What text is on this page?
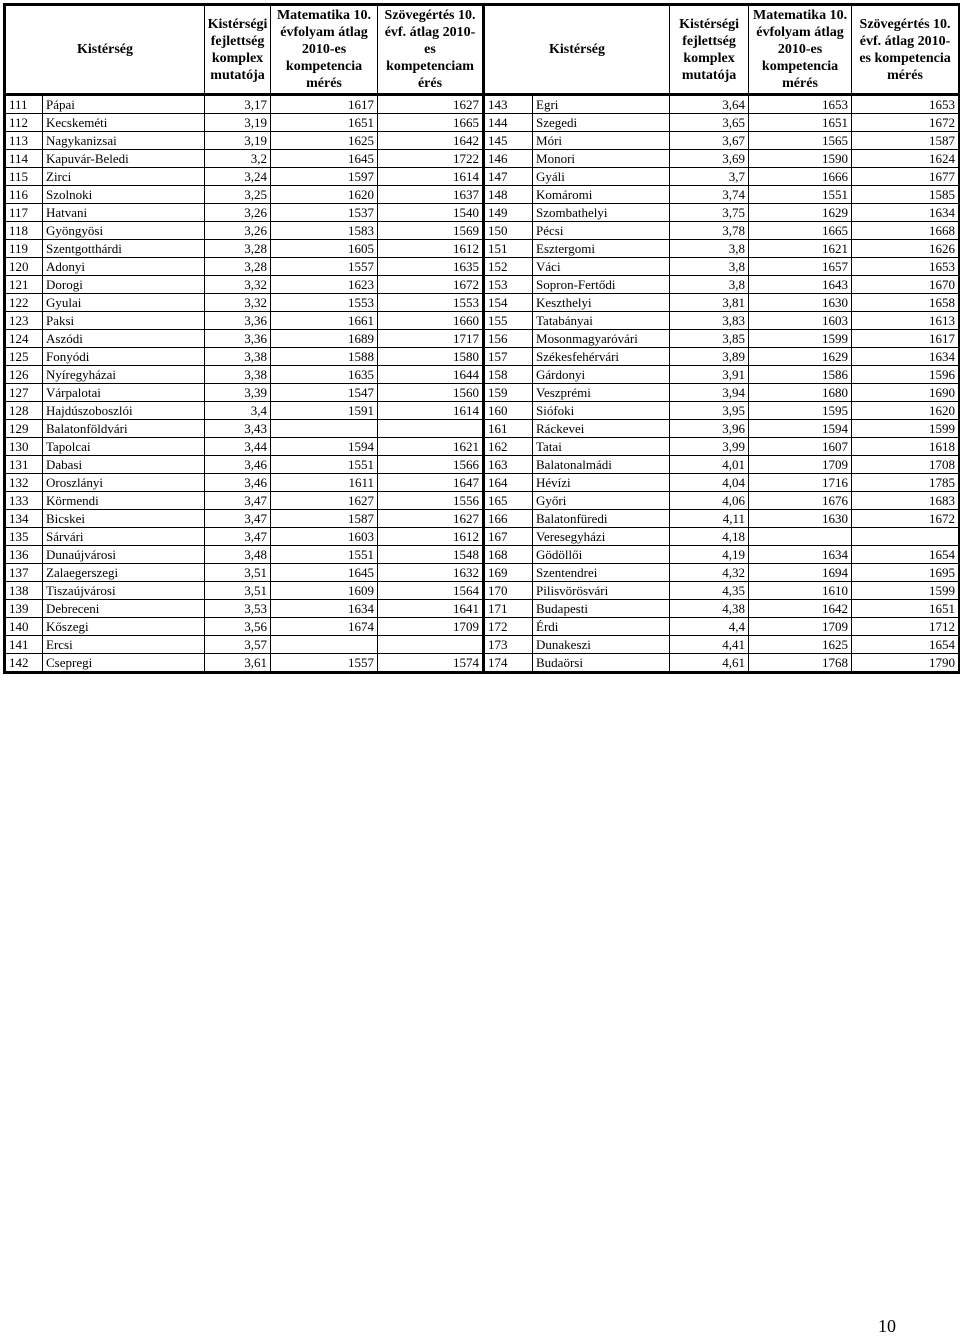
Kistérség		Kistérségi fejlettség komplex mutatója	Matematika 10. évfolyam átlag 2010-es kompetencia mérés	Szövegértés 10. évf. átlag 2010-es kompetenciam érés	Kistérség		Kistérségi fejlettség komplex mutatója	Matematika 10. évfolyam átlag 2010-es kompetencia mérés	Szövegértés 10. évf. átlag 2010-es kompetencia mérés
111	Pápai	3,17	1617	1627	143	Egri	3,64	1653	1653
112	Kecskeméti	3,19	1651	1665	144	Szegedi	3,65	1651	1672
113	Nagykanizsai	3,19	1625	1642	145	Móri	3,67	1565	1587
114	Kapuvár-Beledi	3,2	1645	1722	146	Monori	3,69	1590	1624
115	Zirci	3,24	1597	1614	147	Gyáli	3,7	1666	1677
116	Szolnoki	3,25	1620	1637	148	Komáromi	3,74	1551	1585
117	Hatvani	3,26	1537	1540	149	Szombathelyi	3,75	1629	1634
118	Gyöngyösi	3,26	1583	1569	150	Pécsi	3,78	1665	1668
119	Szentgotthárdi	3,28	1605	1612	151	Esztergomi	3,8	1621	1626
120	Adonyi	3,28	1557	1635	152	Váci	3,8	1657	1653
121	Dorogi	3,32	1623	1672	153	Sopron-Fertődi	3,8	1643	1670
122	Gyulai	3,32	1553	1553	154	Keszthelyi	3,81	1630	1658
123	Paksi	3,36	1661	1660	155	Tatabányai	3,83	1603	1613
124	Aszódi	3,36	1689	1717	156	Mosonmagyaróvári	3,85	1599	1617
125	Fonyódi	3,38	1588	1580	157	Székesfehérvári	3,89	1629	1634
126	Nyíregyházai	3,38	1635	1644	158	Gárdonyi	3,91	1586	1596
127	Várpalotai	3,39	1547	1560	159	Veszprémi	3,94	1680	1690
128	Hajdúszoboszlói	3,4	1591	1614	160	Siófoki	3,95	1595	1620
129	Balatonföldvári	3,43			161	Ráckevei	3,96	1594	1599
130	Tapolcai	3,44	1594	1621	162	Tatai	3,99	1607	1618
131	Dabasi	3,46	1551	1566	163	Balatonalmádi	4,01	1709	1708
132	Oroszlányi	3,46	1611	1647	164	Hévízi	4,04	1716	1785
133	Körmendi	3,47	1627	1556	165	Győri	4,06	1676	1683
134	Bicskei	3,47	1587	1627	166	Balatonfüredi	4,11	1630	1672
135	Sárvári	3,47	1603	1612	167	Veresegyházi	4,18		
136	Dunaújvárosi	3,48	1551	1548	168	Gödöllői	4,19	1634	1654
137	Zalaegerszegi	3,51	1645	1632	169	Szentendrei	4,32	1694	1695
138	Tiszaújvárosi	3,51	1609	1564	170	Pilisvörösvári	4,35	1610	1599
139	Debreceni	3,53	1634	1641	171	Budapesti	4,38	1642	1651
140	Kőszegi	3,56	1674	1709	172	Érdi	4,4	1709	1712
141	Ercsi	3,57			173	Dunakeszi	4,41	1625	1654
142	Csepregi	3,61	1557	1574	174	Budaörsi	4,61	1768	1790
10
